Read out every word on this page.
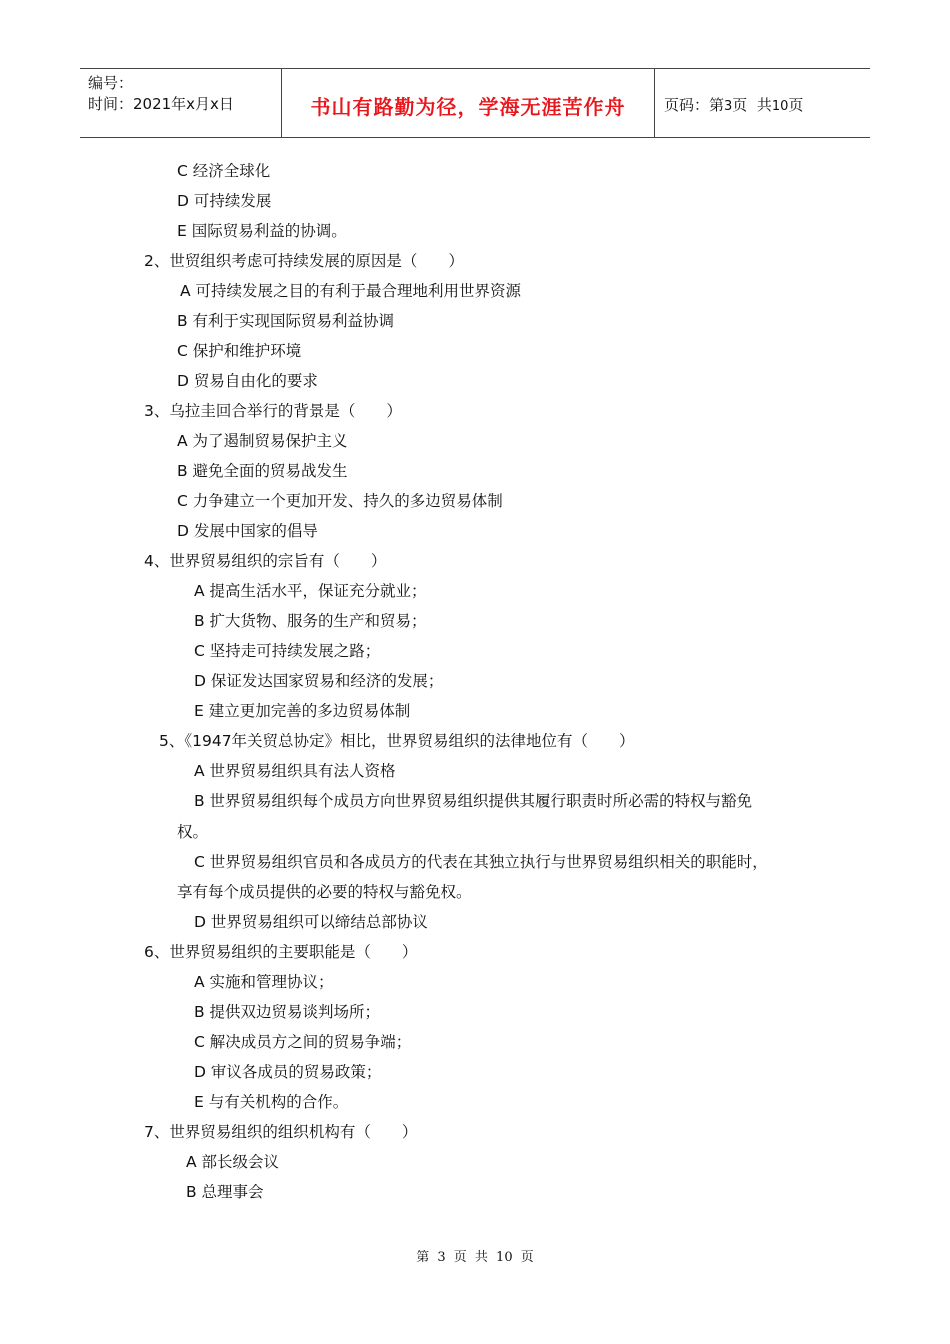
编号：
时间：2021年x月x日	书山有路勤为径，学海无涯苦作舟	页码：第3页  共10页
C 经济全球化
D 可持续发展
E 国际贸易利益的协调。
2、世贸组织考虑可持续发展的原因是（　　）
A 可持续发展之目的有利于最合理地利用世界资源
B 有利于实现国际贸易利益协调
C 保护和维护环境
D 贸易自由化的要求
3、乌拉圭回合举行的背景是（　　）
A 为了遏制贸易保护主义
B 避免全面的贸易战发生
C 力争建立一个更加开发、持久的多边贸易体制
D 发展中国家的倡导
4、世界贸易组织的宗旨有（　　）
A 提高生活水平，保证充分就业；
B 扩大货物、服务的生产和贸易；
C 坚持走可持续发展之路；
D 保证发达国家贸易和经济的发展；
E 建立更加完善的多边贸易体制
5、《1947年关贸总协定》相比，世界贸易组织的法律地位有（　　）
A 世界贸易组织具有法人资格
B 世界贸易组织每个成员方向世界贸易组织提供其履行职责时所必需的特权与豁免
权。
C 世界贸易组织官员和各成员方的代表在其独立执行与世界贸易组织相关的职能时，
享有每个成员提供的必要的特权与豁免权。
D 世界贸易组织可以缔结总部协议
6、世界贸易组织的主要职能是（　　）
A 实施和管理协议；
B 提供双边贸易谈判场所；
C 解决成员方之间的贸易争端；
D 审议各成员的贸易政策；
E 与有关机构的合作。
7、世界贸易组织的组织机构有（　　）
A 部长级会议
B 总理事会
第 3 页 共 10 页
